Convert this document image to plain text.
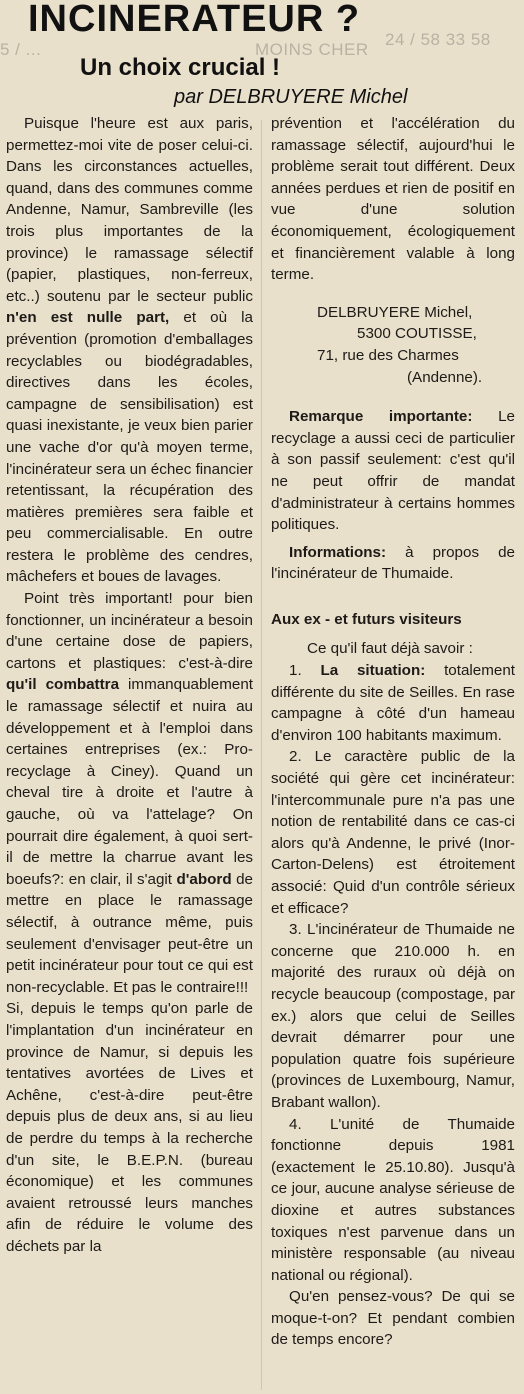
5 / ...	MOINS CHER
24 / 58 33 58
INCINERATEUR ?
Un choix crucial !
par DELBRUYERE Michel

Puisque l'heure est aux paris, permettez-moi vite de poser celui-ci. Dans les circonstances actuelles, quand, dans des communes comme Andenne, Namur, Sambreville (les trois plus importantes de la province) le ramassage sélectif (papier, plastiques, non-ferreux, etc..) soutenu par le secteur public n'en est nulle part, et où la prévention (promotion d'emballages recyclables ou biodégradables, directives dans les écoles, campagne de sensibilisation) est quasi inexistante, je veux bien parier une vache d'or qu'à moyen terme, l'incinérateur sera un échec financier retentissant, la récupération des matières premières sera faible et peu commercialisable. En outre restera le problème des cendres, mâchefers et boues de lavages.

Point très important! pour bien fonctionner, un incinérateur a besoin d'une certaine dose de papiers, cartons et plastiques: c'est-à-dire qu'il combattra immanquablement le ramassage sélectif et nuira au développement et à l'emploi dans certaines entreprises (ex.: Pro-recyclage à Ciney). Quand un cheval tire à droite et l'autre à gauche, où va l'attelage? On pourrait dire également, à quoi sert-il de mettre la charrue avant les boeufs?: en clair, il s'agit d'abord de mettre en place le ramassage sélectif, à outrance même, puis seulement d'envisager peut-être un petit incinérateur pour tout ce qui est non-recyclable. Et pas le contraire!!!

Si, depuis le temps qu'on parle de l'implantation d'un incinérateur en province de Namur, si depuis les tentatives avortées de Lives et Achêne, c'est-à-dire peut-être depuis plus de deux ans, si au lieu de perdre du temps à la recherche d'un site, le B.E.P.N. (bureau économique) et les communes avaient retroussé leurs manches afin de réduire le volume des déchets par la

prévention et l'accélération du ramassage sélectif, aujourd'hui le problème serait tout différent. Deux années perdues et rien de positif en vue d'une solution économiquement, écologiquement et financièrement valable à long terme.

DELBRUYERE Michel,
5300 COUTISSE,
71, rue des Charmes
(Andenne).

Remarque importante: Le recyclage a aussi ceci de particulier à son passif seulement: c'est qu'il ne peut offrir de mandat d'administrateur à certains hommes politiques.

Informations: à propos de l'incinérateur de Thumaide.

Aux ex - et futurs visiteurs

Ce qu'il faut déjà savoir :

1. La situation: totalement différente du site de Seilles. En rase campagne à côté d'un hameau d'environ 100 habitants maximum.

2. Le caractère public de la société qui gère cet incinérateur: l'intercommunale pure n'a pas une notion de rentabilité dans ce cas-ci alors qu'à Andenne, le privé (Inor-Carton-Delens) est étroitement associé: Quid d'un contrôle sérieux et efficace?

3. L'incinérateur de Thumaide ne concerne que 210.000 h. en majorité des ruraux où déjà on recycle beaucoup (compostage, par ex.) alors que celui de Seilles devrait démarrer pour une population quatre fois supérieure (provinces de Luxembourg, Namur, Brabant wallon).

4. L'unité de Thumaide fonctionne depuis 1981 (exactement le 25.10.80). Jusqu'à ce jour, aucune analyse sérieuse de dioxine et autres substances toxiques n'est parvenue dans un ministère responsable (au niveau national ou régional).

Qu'en pensez-vous? De qui se moque-t-on? Et pendant combien de temps encore?
